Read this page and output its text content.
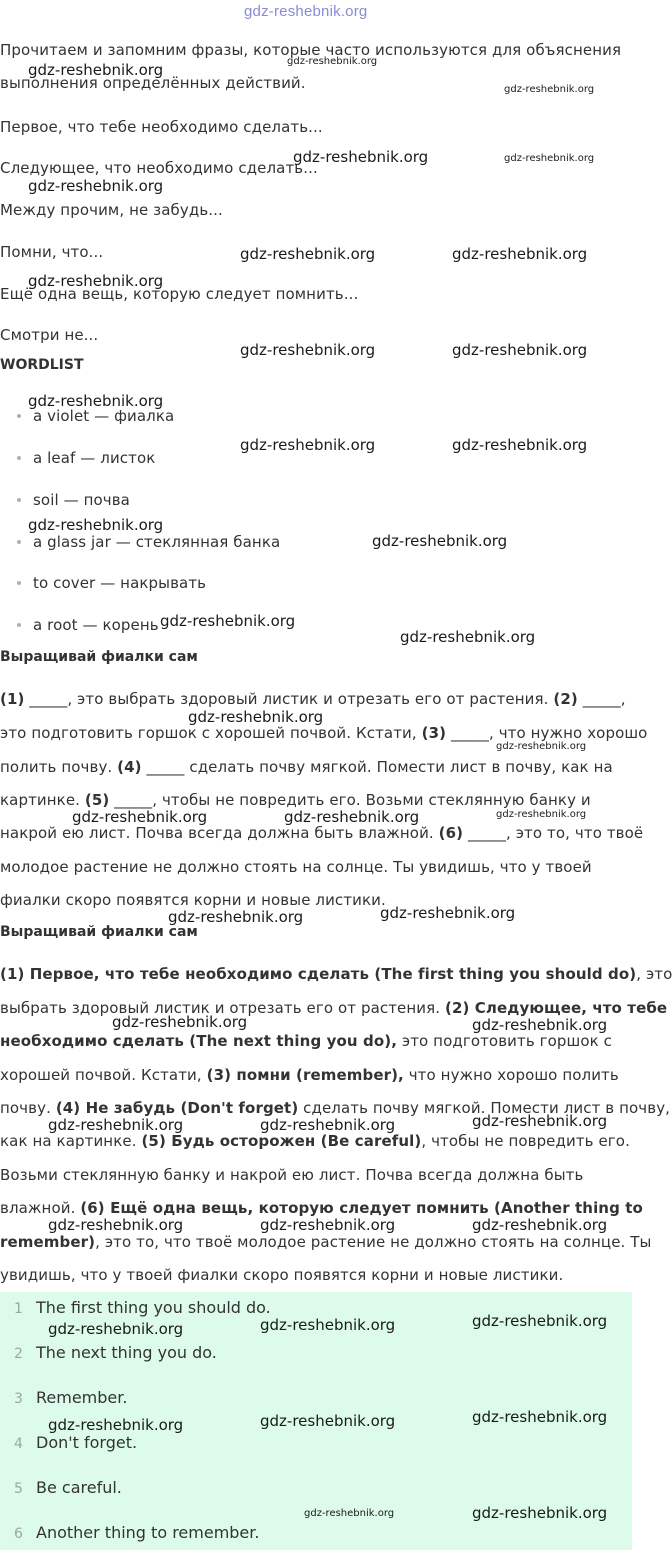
gdz-reshebnik.org
Прочитаем и запомним фразы, которые часто используются для объяснения
выполнения определённых действий.
Первое, что тебе необходимо сделать...
Следующее, что необходимо сделать...
Между прочим, не забудь...
Помни, что...
Ещё одна вещь, которую следует помнить...
Смотри не...
WORDLIST
a violet — фиалка
a leaf — листок
soil — почва
a glass jar — стеклянная банка
to cover — накрывать
a root — корень
Выращивай фиалки сам
(1) _____, это выбрать здоровый листик и отрезать его от растения. (2) _____,
это подготовить горшок с хорошей почвой. Кстати, (3) _____, что нужно хорошо
полить почву. (4) _____ сделать почву мягкой. Помести лист в почву, как на
картинке. (5) _____, чтобы не повредить его. Возьми стеклянную банку и
накрой ею лист. Почва всегда должна быть влажной. (6) _____, это то, что твоё
молодое растение не должно стоять на солнце. Ты увидишь, что у твоей
фиалки скоро появятся корни и новые листики.
Выращивай фиалки сам
(1) Первое, что тебе необходимо сделать (The first thing you should do), это
выбрать здоровый листик и отрезать его от растения. (2) Следующее, что тебе
необходимо сделать (The next thing you do), это подготовить горшок с
хорошей почвой. Кстати, (3) помни (remember), что нужно хорошо полить
почву. (4) Не забудь (Don't forget) сделать почву мягкой. Помести лист в почву,
как на картинке. (5) Будь осторожен (Be careful), чтобы не повредить его.
Возьми стеклянную банку и накрой ею лист. Почва всегда должна быть
влажной. (6) Ещё одна вещь, которую следует помнить (Another thing to
remember), это то, что твоё молодое растение не должно стоять на солнце. Ты
увидишь, что у твоей фиалки скоро появятся корни и новые листики.
1 The first thing you should do.
2 The next thing you do.
3 Remember.
4 Don't forget.
5 Be careful.
6 Another thing to remember.
gdz-reshebnik.org	gdz-reshebnik.org
gdz-reshebnik.org
gdz-reshebnik.org	gdz-reshebnik.org
gdz-reshebnik.org
gdz-reshebnik.org	gdz-reshebnik.org
gdz-reshebnik.org
gdz-reshebnik.org	gdz-reshebnik.org
gdz-reshebnik.org
gdz-reshebnik.org	gdz-reshebnik.org
gdz-reshebnik.org
gdz-reshebnik.org
gdz-reshebnik.org
gdz-reshebnik.org
gdz-reshebnik.org
gdz-reshebnik.org
gdz-reshebnik.org	gdz-reshebnik.org	gdz-reshebnik.org
gdz-reshebnik.org	gdz-reshebnik.org
gdz-reshebnik.org	gdz-reshebnik.org
gdz-reshebnik.org	gdz-reshebnik.org	gdz-reshebnik.org
gdz-reshebnik.org	gdz-reshebnik.org	gdz-reshebnik.org
gdz-reshebnik.org	gdz-reshebnik.org	gdz-reshebnik.org
gdz-reshebnik.org	gdz-reshebnik.org	gdz-reshebnik.org
gdz-reshebnik.org	gdz-reshebnik.org
